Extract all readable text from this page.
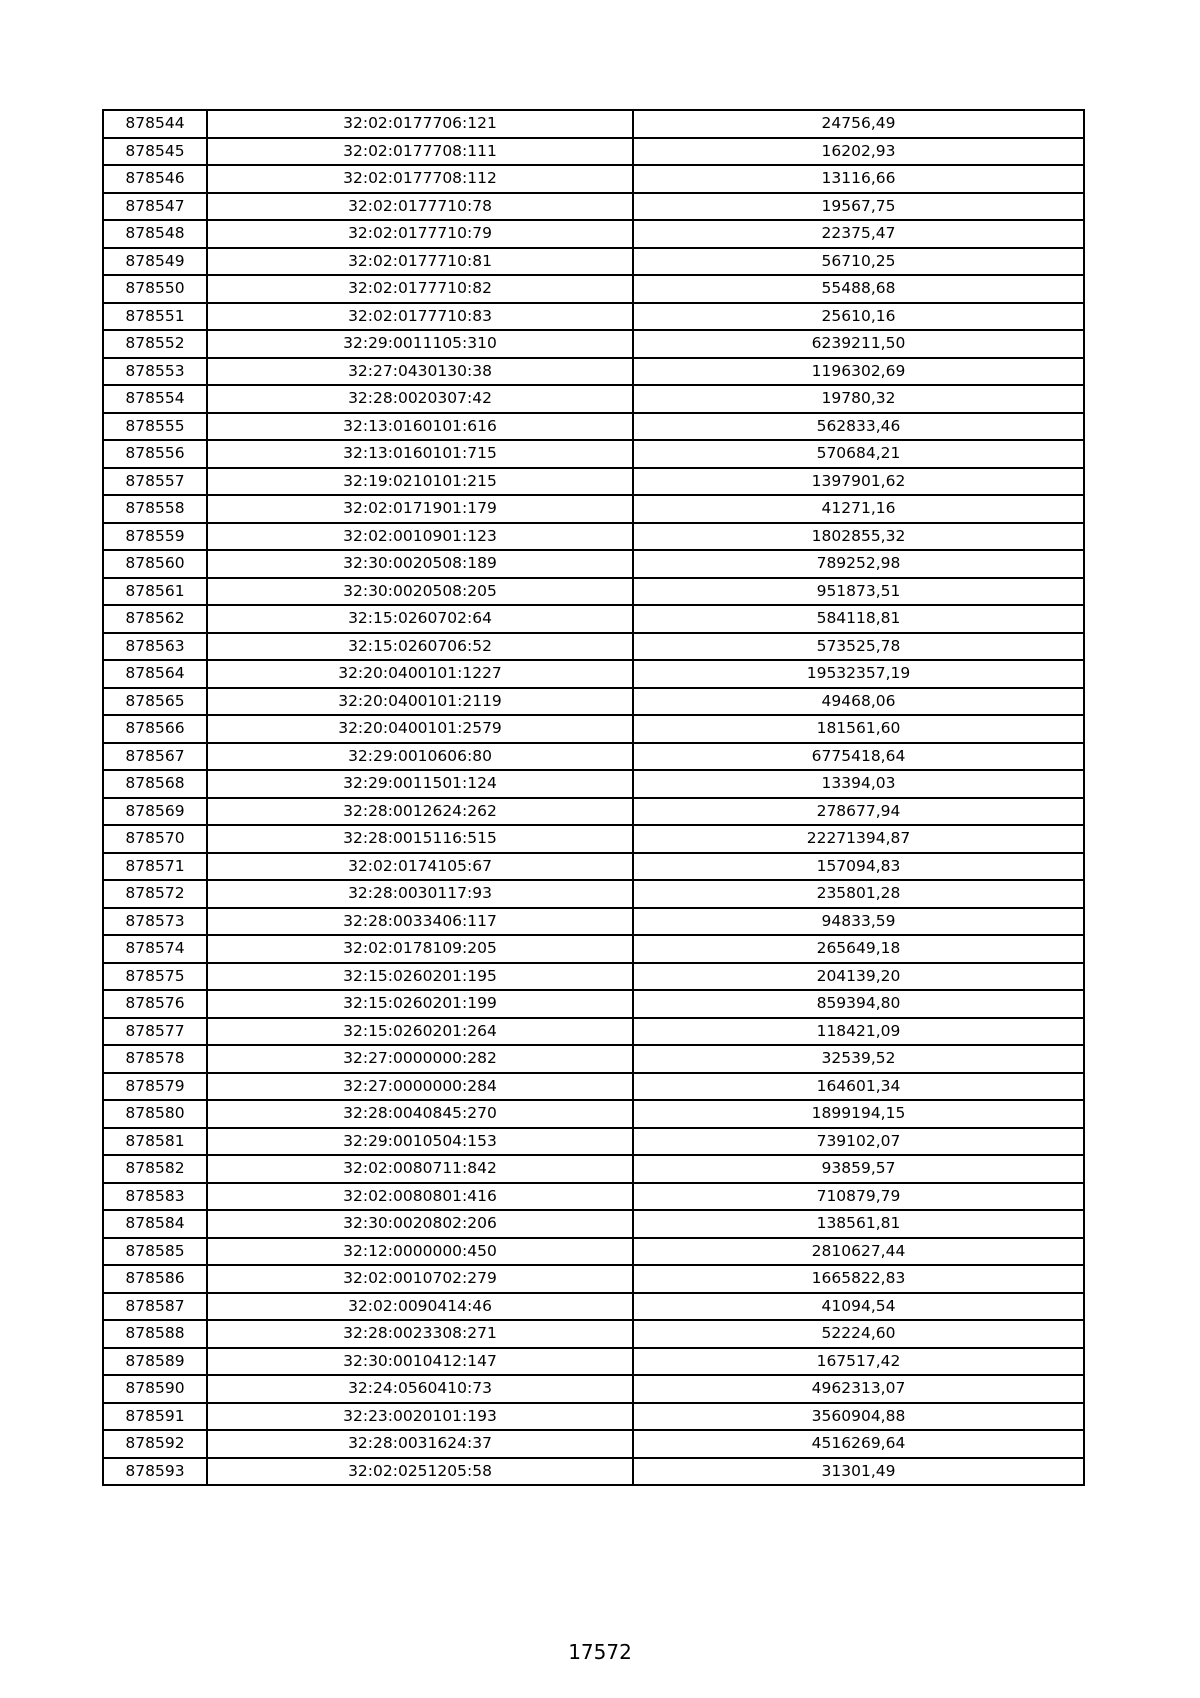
878544	32:02:0177706:121	24756,49
878545	32:02:0177708:111	16202,93
878546	32:02:0177708:112	13116,66
878547	32:02:0177710:78	19567,75
878548	32:02:0177710:79	22375,47
878549	32:02:0177710:81	56710,25
878550	32:02:0177710:82	55488,68
878551	32:02:0177710:83	25610,16
878552	32:29:0011105:310	6239211,50
878553	32:27:0430130:38	1196302,69
878554	32:28:0020307:42	19780,32
878555	32:13:0160101:616	562833,46
878556	32:13:0160101:715	570684,21
878557	32:19:0210101:215	1397901,62
878558	32:02:0171901:179	41271,16
878559	32:02:0010901:123	1802855,32
878560	32:30:0020508:189	789252,98
878561	32:30:0020508:205	951873,51
878562	32:15:0260702:64	584118,81
878563	32:15:0260706:52	573525,78
878564	32:20:0400101:1227	19532357,19
878565	32:20:0400101:2119	49468,06
878566	32:20:0400101:2579	181561,60
878567	32:29:0010606:80	6775418,64
878568	32:29:0011501:124	13394,03
878569	32:28:0012624:262	278677,94
878570	32:28:0015116:515	22271394,87
878571	32:02:0174105:67	157094,83
878572	32:28:0030117:93	235801,28
878573	32:28:0033406:117	94833,59
878574	32:02:0178109:205	265649,18
878575	32:15:0260201:195	204139,20
878576	32:15:0260201:199	859394,80
878577	32:15:0260201:264	118421,09
878578	32:27:0000000:282	32539,52
878579	32:27:0000000:284	164601,34
878580	32:28:0040845:270	1899194,15
878581	32:29:0010504:153	739102,07
878582	32:02:0080711:842	93859,57
878583	32:02:0080801:416	710879,79
878584	32:30:0020802:206	138561,81
878585	32:12:0000000:450	2810627,44
878586	32:02:0010702:279	1665822,83
878587	32:02:0090414:46	41094,54
878588	32:28:0023308:271	52224,60
878589	32:30:0010412:147	167517,42
878590	32:24:0560410:73	4962313,07
878591	32:23:0020101:193	3560904,88
878592	32:28:0031624:37	4516269,64
878593	32:02:0251205:58	31301,49
17572
